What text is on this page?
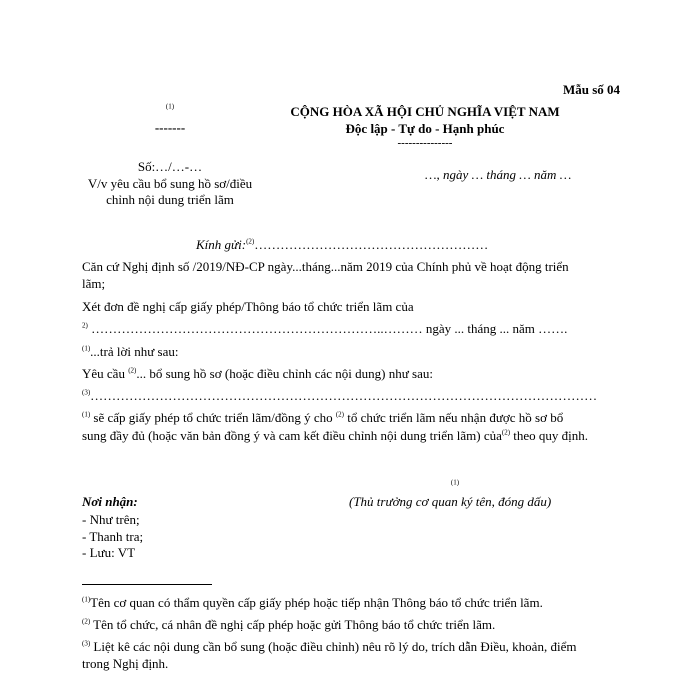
Mẫu số 04
$^{(1)}$
-------
CỘNG HÒA XÃ HỘI CHỦ NGHĨA VIỆT NAM
Độc lập - Tự do - Hạnh phúc
---------------
Số:…/…-…
V/v yêu cầu bổ sung hồ sơ/điều
chỉnh nội dung triển lãm
…, ngày … tháng … năm …
Kính gửi:$^{(2)}$………………………………………………
Căn cứ Nghị định số /2019/NĐ-CP ngày...tháng...năm 2019 của Chính phủ về hoạt động triển
lãm;
Xét đơn đề nghị cấp giấy phép/Thông báo tổ chức triển lãm của
$^{2)}$ …………………………………………………………..……… ngày ... tháng ... năm …….
$^{(1)}$...trả lời như sau:
Yêu cầu $^{(2)}$... bổ sung hồ sơ (hoặc điều chỉnh các nội dung) như sau:
$^{(3)}$………………………………………………………………………………………………………
$^{(1)}$ sẽ cấp giấy phép tổ chức triển lãm/đồng ý cho $^{(2)}$ tổ chức triển lãm nếu nhận được hồ sơ bổ
sung đầy đủ (hoặc văn bản đồng ý và cam kết điều chỉnh nội dung triển lãm) của$^{(2)}$ theo quy định.
$^{(1)}$
(Thủ trưởng cơ quan ký tên, đóng dấu)
Nơi nhận:
- Như trên;
- Thanh tra;
- Lưu: VT
$^{(1)}$Tên cơ quan có thẩm quyền cấp giấy phép hoặc tiếp nhận Thông báo tổ chức triển lãm.
$^{(2)}$ Tên tổ chức, cá nhân đề nghị cấp phép hoặc gửi Thông báo tổ chức triển lãm.
$^{(3)}$ Liệt kê các nội dung cần bổ sung (hoặc điều chỉnh) nêu rõ lý do, trích dẫn Điều, khoản, điểm
trong Nghị định.
